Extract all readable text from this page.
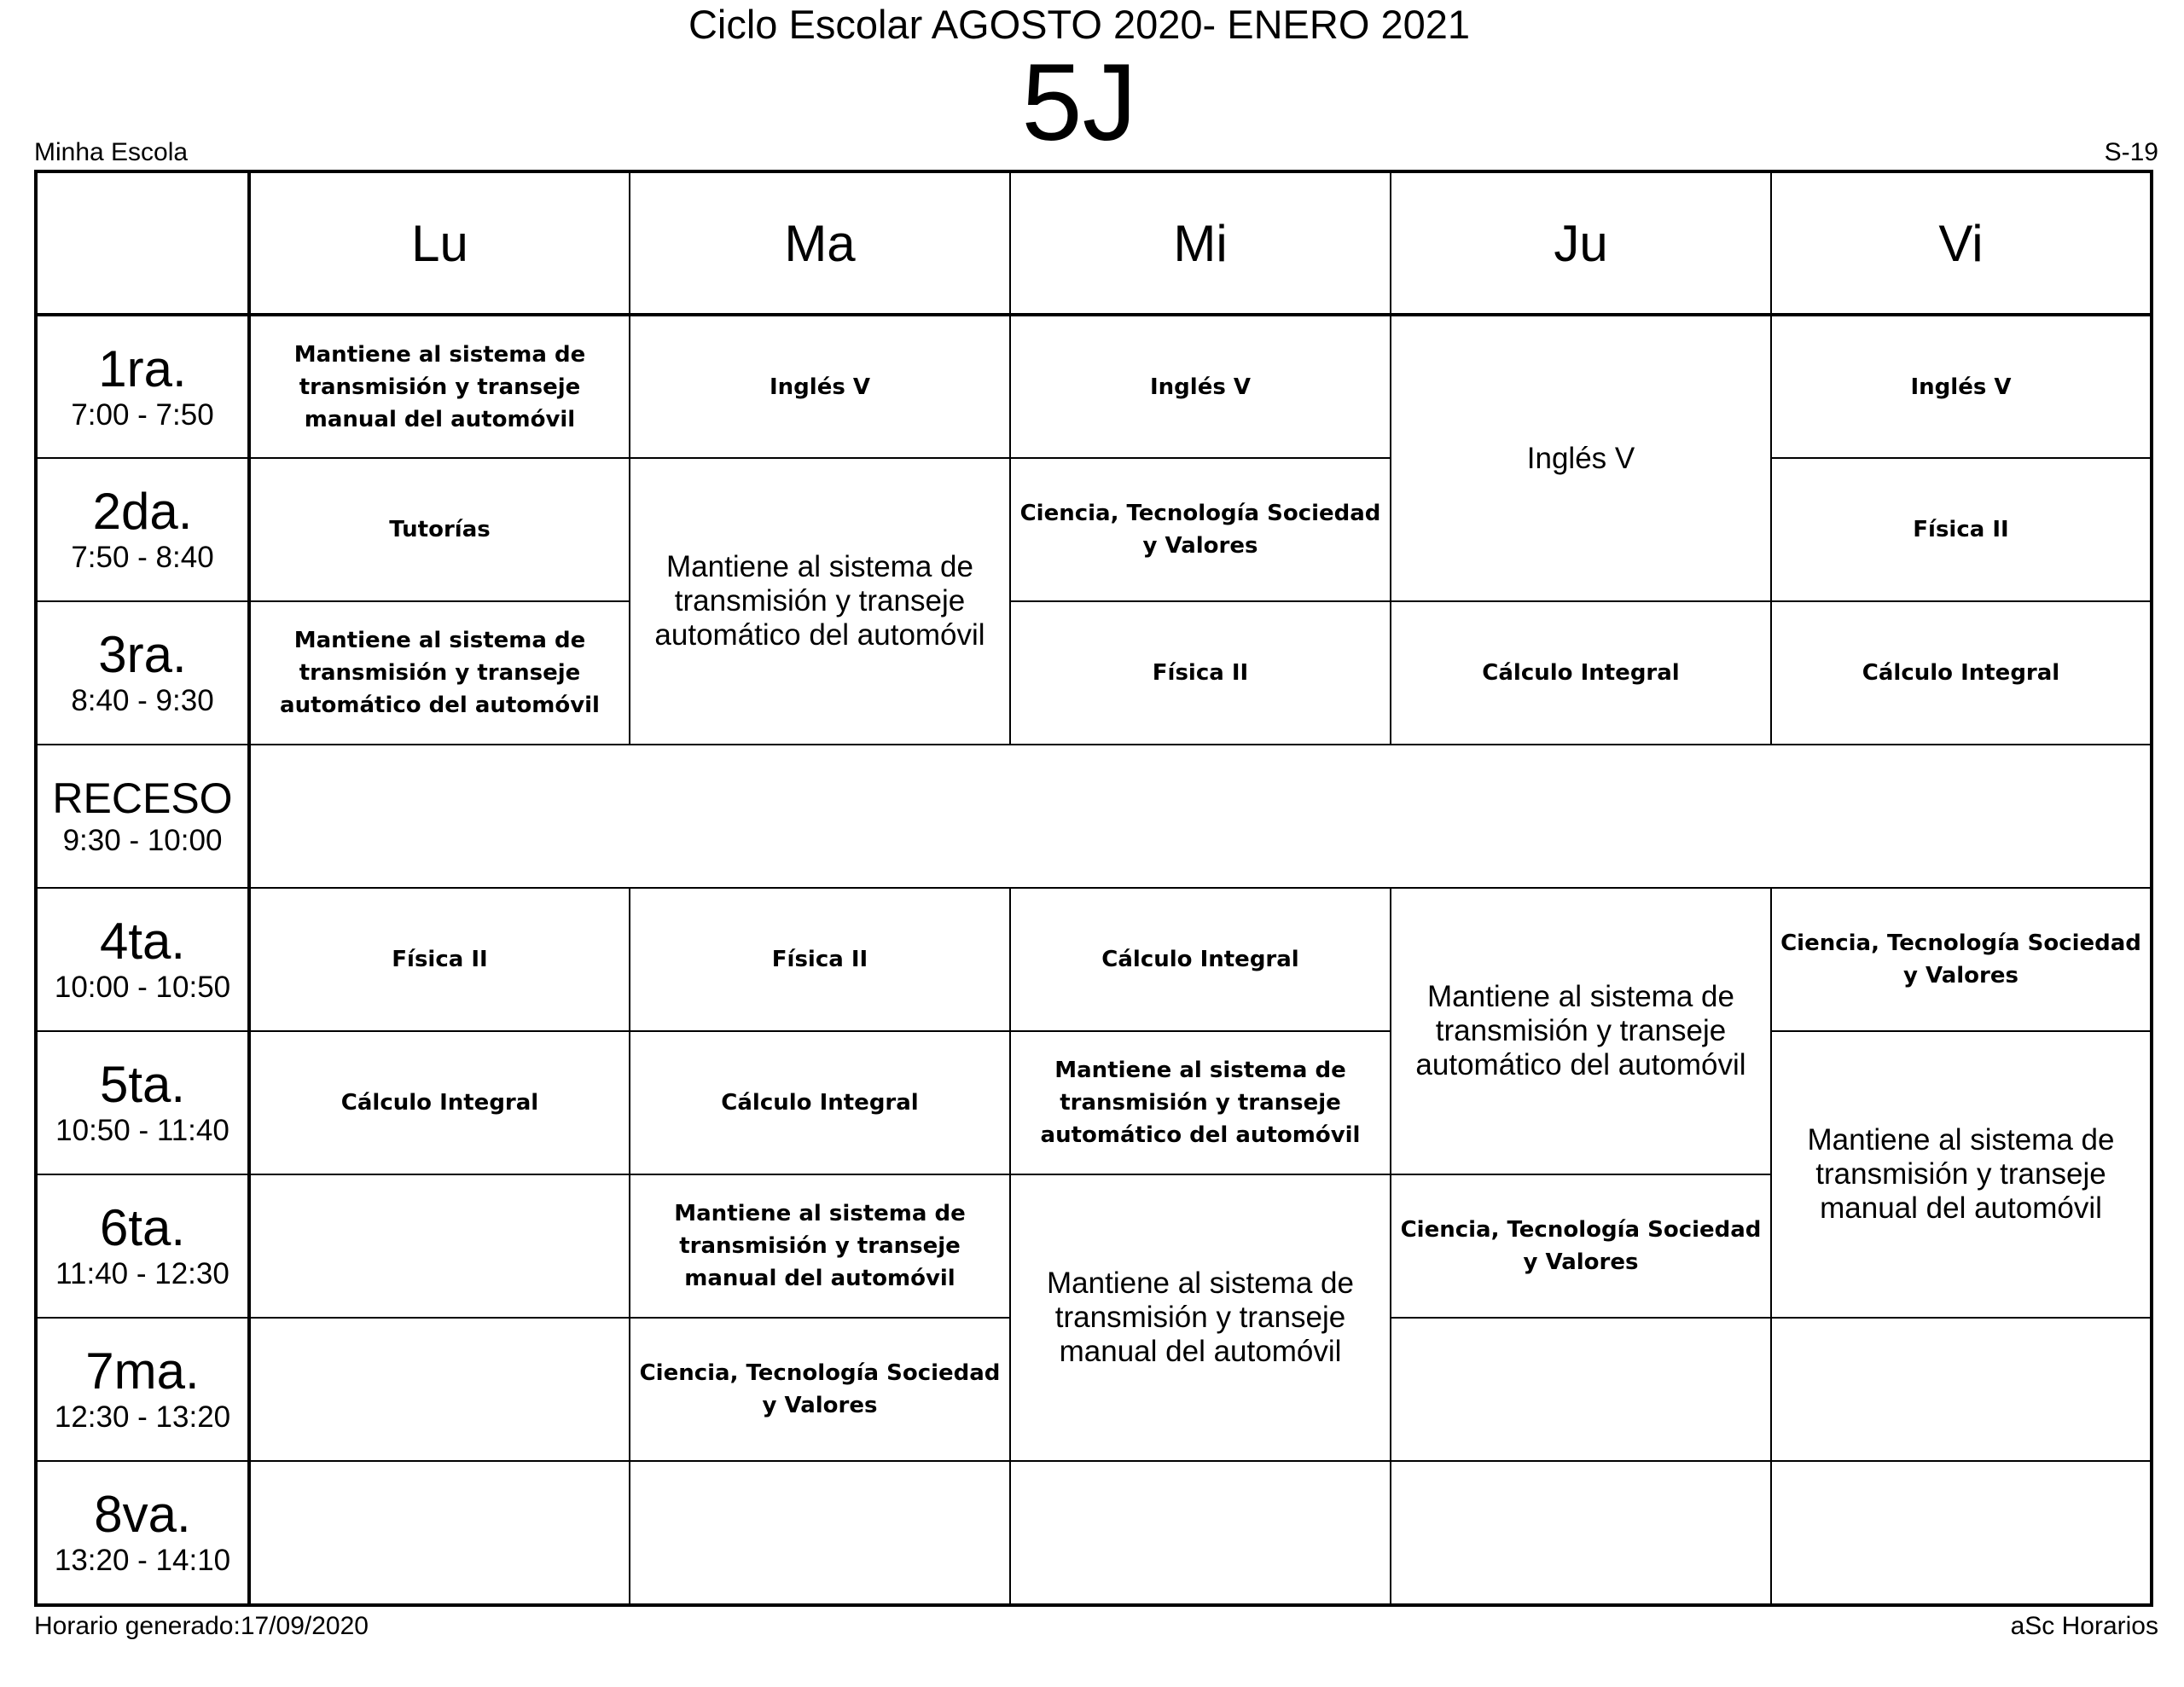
Ciclo Escolar AGOSTO 2020- ENERO 2021
5J
Minha Escola	S-19
	Lu	Ma	Mi	Ju	Vi

1ra.
7:00 - 7:50	Mantiene al sistema de transmisión y transeje manual del automóvil	Inglés V	Inglés V	Inglés V	Inglés V

2da.
7:50 - 8:40	Tutorías	Mantiene al sistema de transmisión y transeje automático del automóvil	Ciencia, Tecnología Sociedad y Valores		Física II

3ra.
8:40 - 9:30	Mantiene al sistema de transmisión y transeje automático del automóvil		Física II	Cálculo Integral	Cálculo Integral

RECESO
9:30 - 10:00					

4ta.
10:00 - 10:50	Física II	Física II	Cálculo Integral	Mantiene al sistema de transmisión y transeje automático del automóvil	Ciencia, Tecnología Sociedad y Valores

5ta.
10:50 - 11:40	Cálculo Integral	Cálculo Integral	Mantiene al sistema de transmisión y transeje automático del automóvil		Mantiene al sistema de transmisión y transeje manual del automóvil

6ta.
11:40 - 12:30		Mantiene al sistema de transmisión y transeje manual del automóvil	Mantiene al sistema de transmisión y transeje manual del automóvil	Ciencia, Tecnología Sociedad y Valores	

7ma.
12:30 - 13:20		Ciencia, Tecnología Sociedad y Valores			

8va.
13:20 - 14:10					

Horario generado:17/09/2020	aSc Horarios
